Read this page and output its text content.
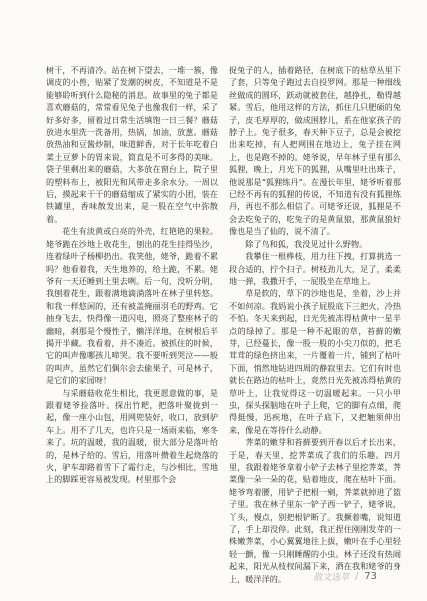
树干，不再清冷。站在树下望去，一堆一簇，像调皮的小兽，贴紧了发潮的树皮，不知道是不是能够聆听到什么隐秘的消息。故事里的兔子都是喜欢蘑菇的，常常看见兔子也像我们一样，采了好多好多，留着过日常生活填饱一日三餐？蘑菇放进水里洗一洗备用，热锅，加油，放葱。蘑菇放热油和豆酱炒制，味道鲜香，对于长年吃着白菜土豆萝卜的胃来说，简直是不可多得的美味。袋子里剩出来的蘑菇，大多放在窗台上，院子里的塑料布上，被阳光和风带走多余水分。一周以后，摸起来干干的蘑菇缩成了紧实的小团，装在铁罐里，香味散发出来，是一股在空气中弥散着。

花生有淡黄或白亮的外壳，红艳艳的果粒。姥爷跪在沙地上收花生，刨出的花生挂得坠沙，连着绿叶子杨柳扔出。我笑他，姥爷，跪着不累吗？他看着我，天生地养的，给土跪，不累。姥爷有一天还睡到土里去咧。后一句，没听分明，我刨着花生，跟着满地滴淌落叶在林子里转悠。和我一样悠闲的，还有被盖掩丽羽毛的野鸡。它抽身飞去，快得像一道闪电，照亮了整座林子的幽暗，刹那是个慢性子，懒洋洋地，在树根后半揭开半藏。我看着，并不凑近。被抓住的时候，它的叫声像哪孩儿啼哭。我不要听到哭泣——般的叫声，虽然它们偶尔会去偷果子，可是林子，是它们的家园呀！

与采蘑菇收花生相比，我更愿意做的事，是跟着姥爷捡落叶。探出竹耙，把落叶聚拢到一起，像一座小山包，用网兜装好，收口，放到驴车上。用不了几天，也许只是一场雨来临，寒冬来了。坑的温暖，我的温暖，很大部分是落叶给的，是林子给的。雪后，用落叶攒着生起烧落的火，驴车却路着雪下了霜行走，与沙相比，雪地上的脚踩更容易被发现。村里那个会

捉兔子的人，插着路径，在树底下的枯草丛里下了套，只等兔子跑过去自投罗网。那是一种细线丝做成的圆环，跃动就被套住，越挣扎，勒得越紧。雪后，他用这样的方法，抓住几只肥硕的兔子，皮毛厚厚的，做成围脖儿，系在他家孩子的脖子上。兔子很多，春天种下豆子，总是会被挖出来吃掉，有人把网围在地边上，兔子挂在网上，也是跑不掉的。姥爷说，早年林子里有那么狐狸，晚上，月光下的狐狸，从嘴里吐出珠子，他说那是“狐狸练丹”。在漫长年里，姥爷听着那已经不再有的狐狸的传说，不知道有没有狐狸练丹，再也不那么相信了。可姥爷还说，狐狸是不会去吃兔子的，吃兔子的是黄鼠狼，那黄鼠狼好像也是当了仙的，说不清了。

除了鸟和狐，我没见过什么野物。

我攀住一根桦枝，用力往下拽，打算挑选一段合适的，拧个扫子。树枝劲儿大，足了，柔柔地一弹，我撒开手，一屁股坐在草地上。

草是软的，草下的沙地也是，坐着，沙上并不如何凉。我妈说小孩子屁股底下三把火，冷热不怕。冬天来到起，日光先被冻得枯黄中一星半点的绿掉了。那是一种不起眼的草，苔藓的嫩芽，已经蔓长，像一股一股的小尖刀似的，把毛茸茸的绿色挤出来，一片覆着一片，铺到了枯叶下面，悄然地钻进四周的静寂里去。它们有时也就长在路边的枯叶上，竟然日光先被冻得枯黄的草叶上，让我觉得这一切温暖起来。一只小甲虫，探头探脑地在叶子上爬，它的脚有点细，爬得挺慢，迅疾地，在叶子底下，又把触须伸出来，像是在等待什么动静。

荠菜的嫩芽和苔藓要到开春以后才长出来，于是，春天里，挖荠菜成了我们的乐趣。四月里，我跟着姥爷拿着小铲子去林子里挖荠菜，荠菜像一朵一朵的花，贴着地皮，爬在枯叶下面。姥爷弯着腰，用铲子把根一剜，荠菜就掉进了篮子里。我在林子里东一铲子西一铲子，姥爷说，丫头，慢点，别把根铲断了。我撅着嘴，说知道了，手上却没停。此刻，我正捏住刚刚发芽的一株嫩荠菜，小心翼翼地往上拔，嫩叶在手心里轻轻一颤，像一只刚睡醒的小虫。林子还没有热闹起来，阳光从枝杈间漏下来，洒在我和姥爷的身上，暖洋洋的。	散文选萃 / 73
